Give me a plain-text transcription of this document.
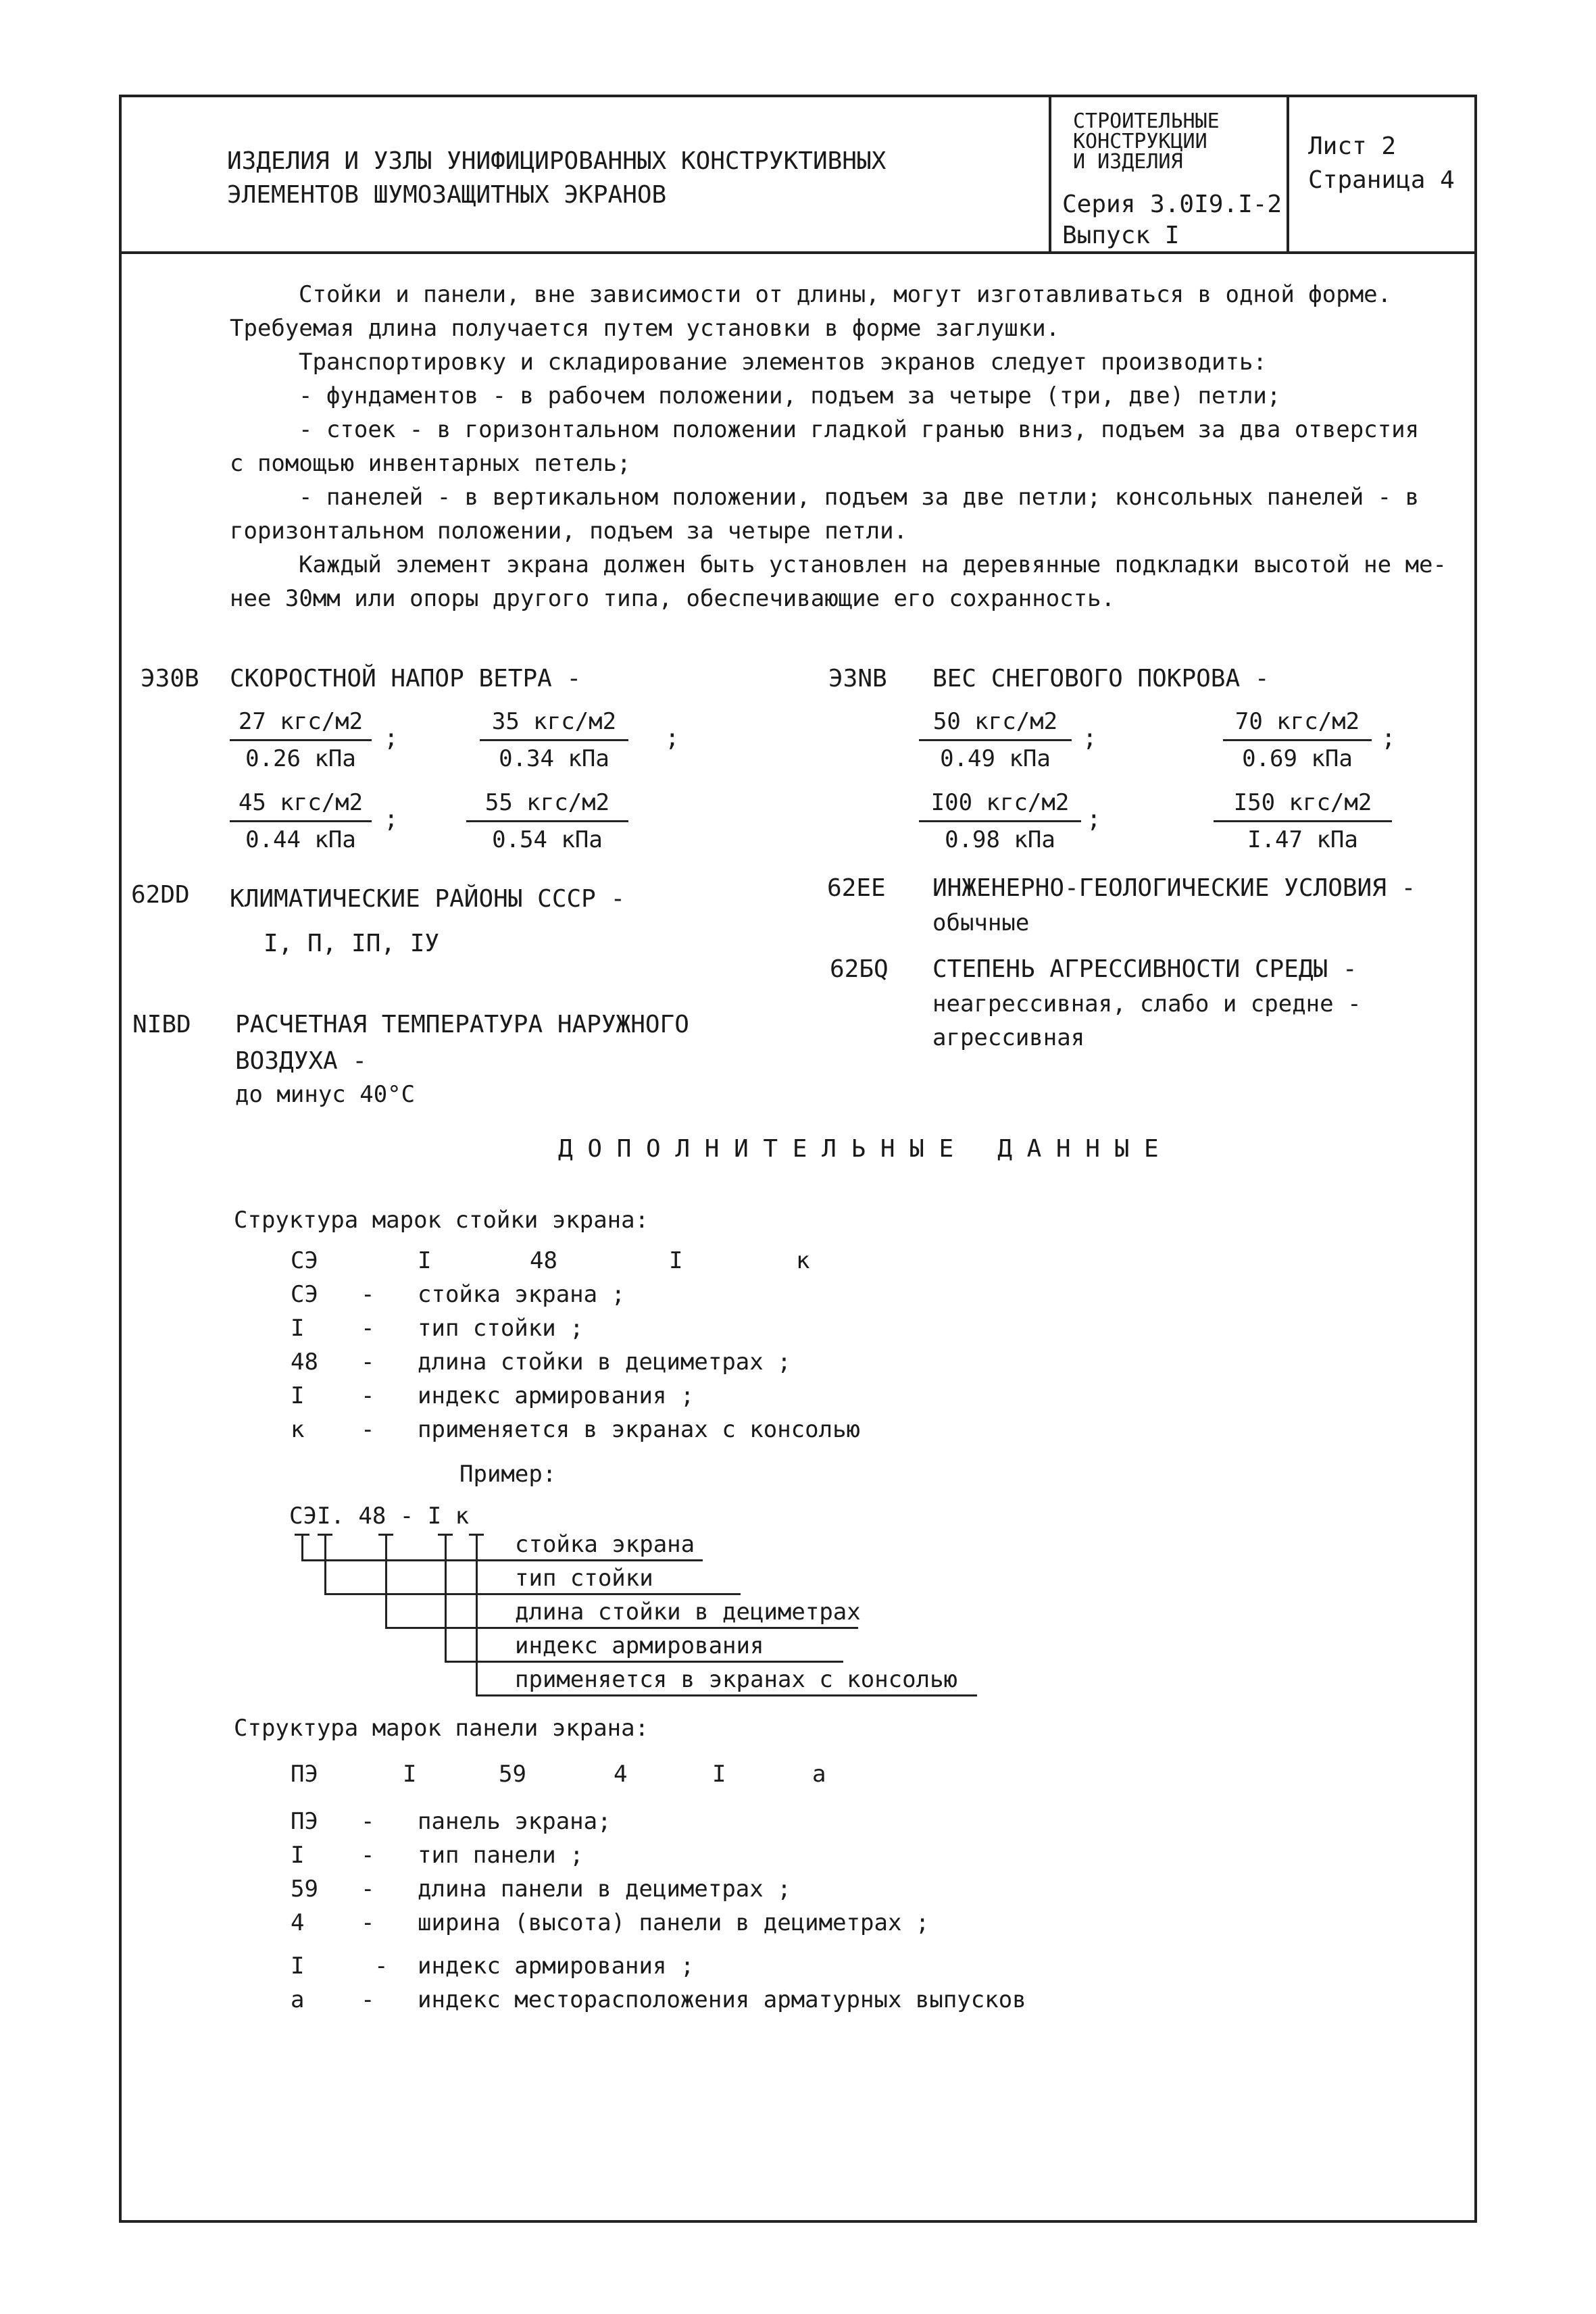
ИЗДЕЛИЯ И УЗЛЫ УНИФИЦИРОВАННЫХ КОНСТРУКТИВНЫХ
ЭЛЕМЕНТОВ ШУМОЗАЩИТНЫХ ЭКРАНОВ
СТРОИТЕЛЬНЫЕ
КОНСТРУКЦИИ
И ИЗДЕЛИЯ
Серия 3.0I9.I-2
Выпуск I
Лист 2
Страница 4
Стойки и панели, вне зависимости от длины, могут изготавливаться в одной форме.
Требуемая длина получается путем установки в форме заглушки.
Транспортировку и складирование элементов экранов следует производить:
- фундаментов - в рабочем положении, подъем за четыре (три, две) петли;
- стоек - в горизонтальном положении гладкой гранью вниз, подъем за два отверстия
с помощью инвентарных петель;
- панелей - в вертикальном положении, подъем за две петли; консольных панелей - в
горизонтальном положении, подъем за четыре петли.
Каждый элемент экрана должен быть установлен на деревянные подкладки высотой не ме-
нее 30мм или опоры другого типа, обеспечивающие его сохранность.
Э30В СКОРОСТНОЙ НАПОР ВЕТРА -
27 кгс/м2
0.26 кПа
;
35 кгс/м2
0.34 кПа
;
45 кгс/м2
0.44 кПа
;
55 кгс/м2
0.54 кПа
Э3NВ ВЕС СНЕГОВОГО ПОКРОВА -
50 кгс/м2
0.49 кПа
;
70 кгс/м2
0.69 кПа
;
I00 кгс/м2
0.98 кПа
;
I50 кгс/м2
I.47 кПа
62DD КЛИМАТИЧЕСКИЕ РАЙОНЫ СССР -
I, П, IП, IУ
62ЕЕ ИНЖЕНЕРНО-ГЕОЛОГИЧЕСКИЕ УСЛОВИЯ -
обычные
62БQ СТЕПЕНЬ АГРЕССИВНОСТИ СРЕДЫ -
неагрессивная, слабо и средне -
агрессивная
NIBD РАСЧЕТНАЯ ТЕМПЕРАТУРА НАРУЖНОГО
ВОЗДУХА -
до минус 40°С
Д О П О Л Н И Т Е Л Ь Н Ы Е   Д А Н Н Ы Е
Структура марок стойки экрана:
СЭ	I	48	I	к
СЭ - стойка экрана ;
I - тип стойки ;
48 - длина стойки в дециметрах ;
I - индекс армирования ;
к - применяется в экранах с консолью
Пример:
СЭI. 48 - I к
стойка экрана
тип стойки
длина стойки в дециметрах
индекс армирования
применяется в экранах с консолью
Структура марок панели экрана:
ПЭ	I	59	4	I	а
ПЭ - панель экрана;
I - тип панели ;
59 - длина панели в дециметрах ;
4 - ширина (высота) панели в дециметрах ;
I	- индекс армирования ;
а - индекс месторасположения арматурных выпусков
